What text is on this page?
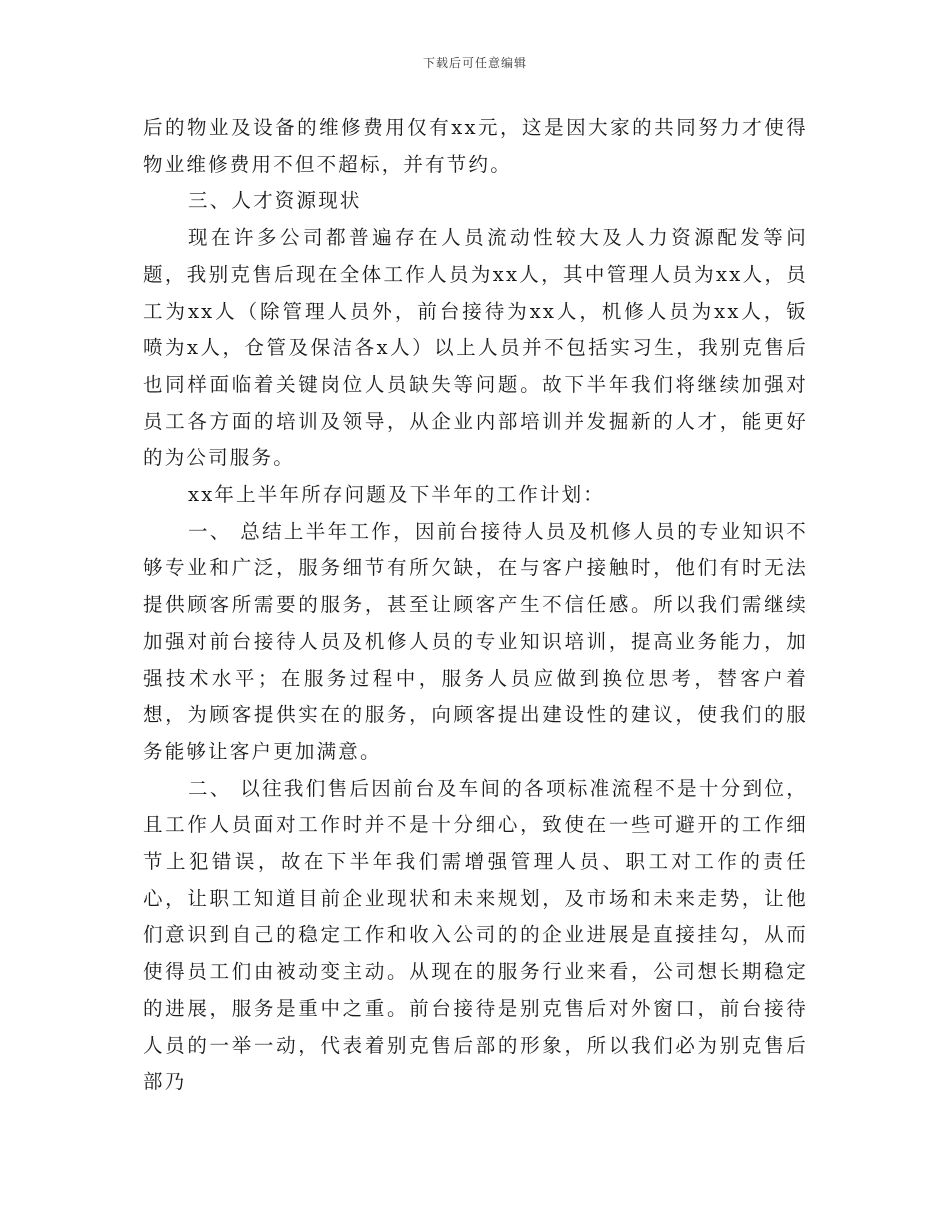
下载后可任意编辑

后的物业及设备的维修费用仅有xx元，这是因大家的共同努力才使得物业维修费用不但不超标，并有节约。

三、人才资源现状

现在许多公司都普遍存在人员流动性较大及人力资源配发等问题，我别克售后现在全体工作人员为xx人，其中管理人员为xx人，员工为xx人（除管理人员外，前台接待为xx人，机修人员为xx人，钣喷为x人，仓管及保洁各x人）以上人员并不包括实习生，我别克售后也同样面临着关键岗位人员缺失等问题。故下半年我们将继续加强对员工各方面的培训及领导，从企业内部培训并发掘新的人才，能更好的为公司服务。

xx年上半年所存问题及下半年的工作计划：

一、 总结上半年工作，因前台接待人员及机修人员的专业知识不够专业和广泛，服务细节有所欠缺，在与客户接触时，他们有时无法提供顾客所需要的服务，甚至让顾客产生不信任感。所以我们需继续加强对前台接待人员及机修人员的专业知识培训，提高业务能力，加强技术水平；在服务过程中，服务人员应做到换位思考，替客户着想，为顾客提供实在的服务，向顾客提出建设性的建议，使我们的服务能够让客户更加满意。

二、 以往我们售后因前台及车间的各项标准流程不是十分到位，且工作人员面对工作时并不是十分细心，致使在一些可避开的工作细节上犯错误，故在下半年我们需增强管理人员、职工对工作的责任心，让职工知道目前企业现状和未来规划，及市场和未来走势，让他们意识到自己的稳定工作和收入公司的的企业进展是直接挂勾，从而使得员工们由被动变主动。从现在的服务行业来看，公司想长期稳定的进展，服务是重中之重。前台接待是别克售后对外窗口，前台接待人员的一举一动，代表着别克售后部的形象，所以我们必为别克售后部乃
